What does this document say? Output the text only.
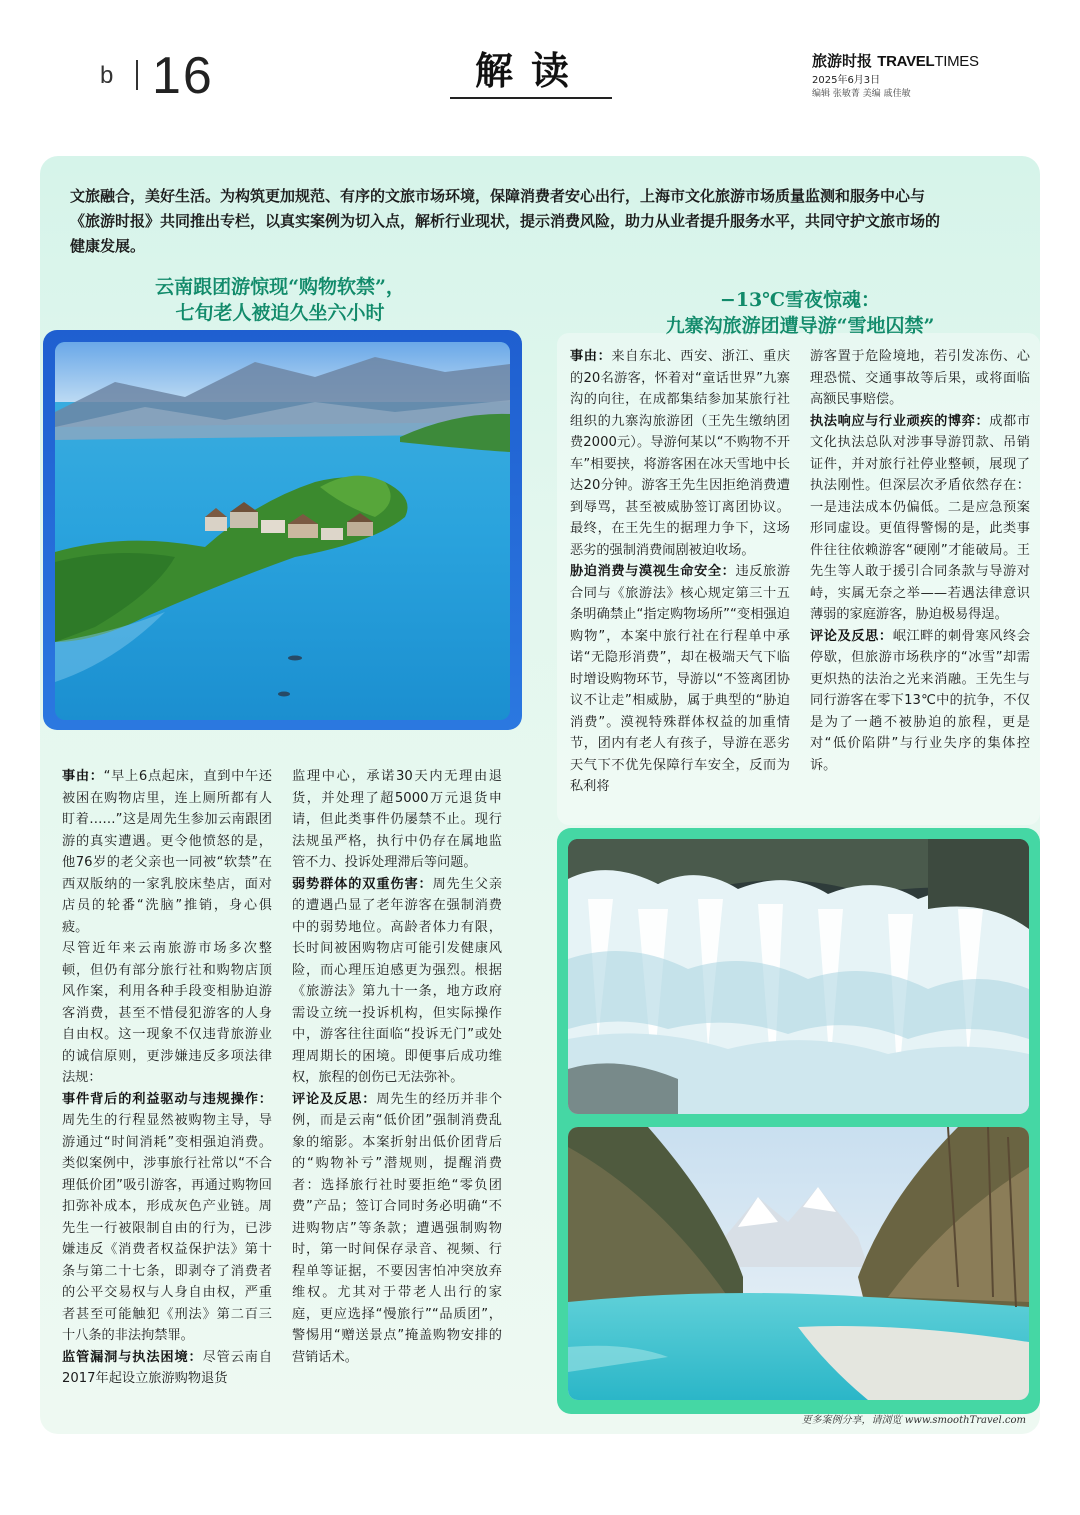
b 16	解读	旅游时报 TRAVELTIMES
2025年6月3日
编辑 张敏菁 美编 戚佳敏
文旅融合，美好生活。为构筑更加规范、有序的文旅市场环境，保障消费者安心出行，上海市文化旅游市场质量监测和服务中心与《旅游时报》共同推出专栏，以真实案例为切入点，解析行业现状，提示消费风险，助力从业者提升服务水平，共同守护文旅市场的健康发展。
云南跟团游惊现“购物软禁”，
七旬老人被迫久坐六小时
−13℃雪夜惊魂：
九寨沟旅游团遭导游“雪地囚禁”

事由：“早上6点起床，直到中午还被困在购物店里，连上厕所都有人盯着……”这是周先生参加云南跟团游的真实遭遇。更令他愤怒的是，他76岁的老父亲也一同被“软禁”在西双版纳的一家乳胶床垫店，面对店员的轮番“洗脑”推销，身心俱疲。

尽管近年来云南旅游市场多次整顿，但仍有部分旅行社和购物店顶风作案，利用各种手段变相胁迫游客消费，甚至不惜侵犯游客的人身自由权。这一现象不仅违背旅游业的诚信原则，更涉嫌违反多项法律法规：

事件背后的利益驱动与违规操作：周先生的行程显然被购物主导，导游通过“时间消耗”变相强迫消费。类似案例中，涉事旅行社常以“不合理低价团”吸引游客，再通过购物回扣弥补成本，形成灰色产业链。周先生一行被限制自由的行为，已涉嫌违反《消费者权益保护法》第十条与第二十七条，即剥夺了消费者的公平交易权与人身自由权，严重者甚至可能触犯《刑法》第二百三十八条的非法拘禁罪。

监管漏洞与执法困境：尽管云南自2017年起设立旅游购物退货

监理中心，承诺30天内无理由退货，并处理了超5000万元退货申请，但此类事件仍屡禁不止。现行法规虽严格，执行中仍存在属地监管不力、投诉处理滞后等问题。

弱势群体的双重伤害：周先生父亲的遭遇凸显了老年游客在强制消费中的弱势地位。高龄者体力有限，长时间被困购物店可能引发健康风险，而心理压迫感更为强烈。根据《旅游法》第九十一条，地方政府需设立统一投诉机构，但实际操作中，游客往往面临“投诉无门”或处理周期长的困境。即便事后成功维权，旅程的创伤已无法弥补。

评论及反思：周先生的经历并非个例，而是云南“低价团”强制消费乱象的缩影。本案折射出低价团背后的“购物补亏”潜规则，提醒消费者：选择旅行社时要拒绝“零负团费”产品；签订合同时务必明确“不进购物店”等条款；遭遇强制购物时，第一时间保存录音、视频、行程单等证据，不要因害怕冲突放弃维权。尤其对于带老人出行的家庭，更应选择“慢旅行”“品质团”，警惕用“赠送景点”掩盖购物安排的营销话术。

事由：来自东北、西安、浙江、重庆的20名游客，怀着对“童话世界”九寨沟的向往，在成都集结参加某旅行社组织的九寨沟旅游团（王先生缴纳团费2000元）。导游何某以“不购物不开车”相要挟，将游客困在冰天雪地中长达20分钟。游客王先生因拒绝消费遭到辱骂，甚至被威胁签订离团协议。最终，在王先生的据理力争下，这场恶劣的强制消费闹剧被迫收场。

胁迫消费与漠视生命安全：违反旅游合同与《旅游法》核心规定第三十五条明确禁止“指定购物场所”“变相强迫购物”，本案中旅行社在行程单中承诺“无隐形消费”，却在极端天气下临时增设购物环节，导游以“不签离团协议不让走”相威胁，属于典型的“胁迫消费”。漠视特殊群体权益的加重情节，团内有老人有孩子，导游在恶劣天气下不优先保障行车安全，反而为私利将

游客置于危险境地，若引发冻伤、心理恐慌、交通事故等后果，或将面临高额民事赔偿。

执法响应与行业顽疾的博弈：成都市文化执法总队对涉事导游罚款、吊销证件，并对旅行社停业整顿，展现了执法刚性。但深层次矛盾依然存在：一是违法成本仍偏低。二是应急预案形同虚设。更值得警惕的是，此类事件往往依赖游客“硬刚”才能破局。王先生等人敢于援引合同条款与导游对峙，实属无奈之举——若遇法律意识薄弱的家庭游客，胁迫极易得逞。

评论及反思：岷江畔的刺骨寒风终会停歇，但旅游市场秩序的“冰雪”却需更炽热的法治之光来消融。王先生与同行游客在零下13℃中的抗争，不仅是为了一趟不被胁迫的旅程，更是对“低价陷阱”与行业失序的集体控诉。

更多案例分享，请浏览 www.smoothTravel.com
